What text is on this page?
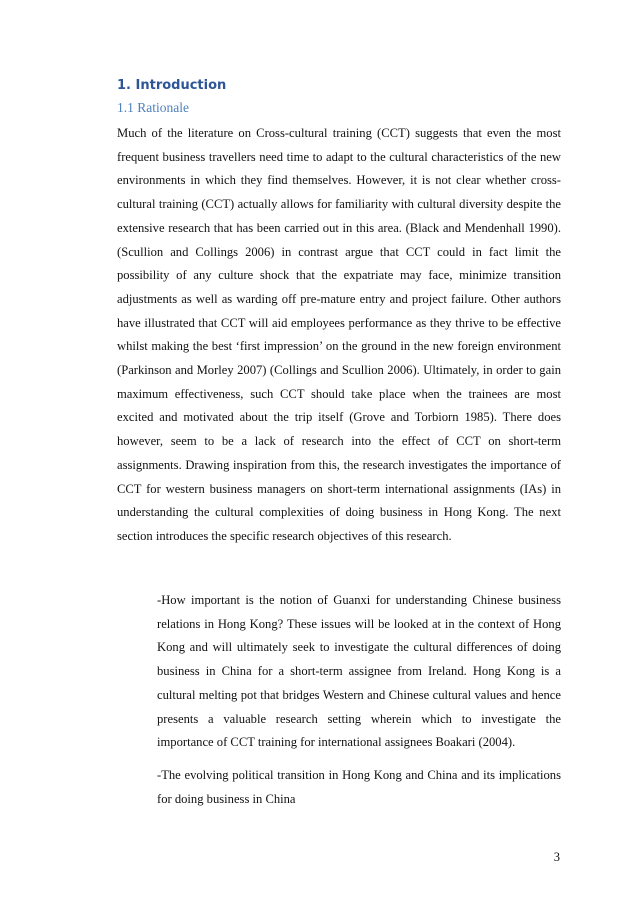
1. Introduction
1.1 Rationale

Much of the literature on Cross-cultural training (CCT) suggests that even the most frequent business travellers need time to adapt to the cultural characteristics of the new environments in which they find themselves. However, it is not clear whether cross-cultural training (CCT) actually allows for familiarity with cultural diversity despite the extensive research that has been carried out in this area. (Black and Mendenhall 1990). (Scullion and Collings 2006) in contrast argue that CCT could in fact limit the possibility of any culture shock that the expatriate may face, minimize transition adjustments as well as warding off pre-mature entry and project failure. Other authors have illustrated that CCT will aid employees performance as they thrive to be effective whilst making the best ‘first impression’ on the ground in the new foreign environment (Parkinson and Morley 2007) (Collings and Scullion 2006). Ultimately, in order to gain maximum effectiveness, such CCT should take place when the trainees are most excited and motivated about the trip itself (Grove and Torbiorn 1985). There does however, seem to be a lack of research into the effect of CCT on short-term assignments. Drawing inspiration from this, the research investigates the importance of CCT for western business managers on short-term international assignments (IAs) in understanding the cultural complexities of doing business in Hong Kong. The next section introduces the specific research objectives of this research.

-How important is the notion of Guanxi for understanding Chinese business relations in Hong Kong? These issues will be looked at in the context of Hong Kong and will ultimately seek to investigate the cultural differences of doing business in China for a short-term assignee from Ireland. Hong Kong is a cultural melting pot that bridges Western and Chinese cultural values and hence presents a valuable research setting wherein which to investigate the importance of CCT training for international assignees Boakari (2004).

-The evolving political transition in Hong Kong and China and its implications for doing business in China

3
